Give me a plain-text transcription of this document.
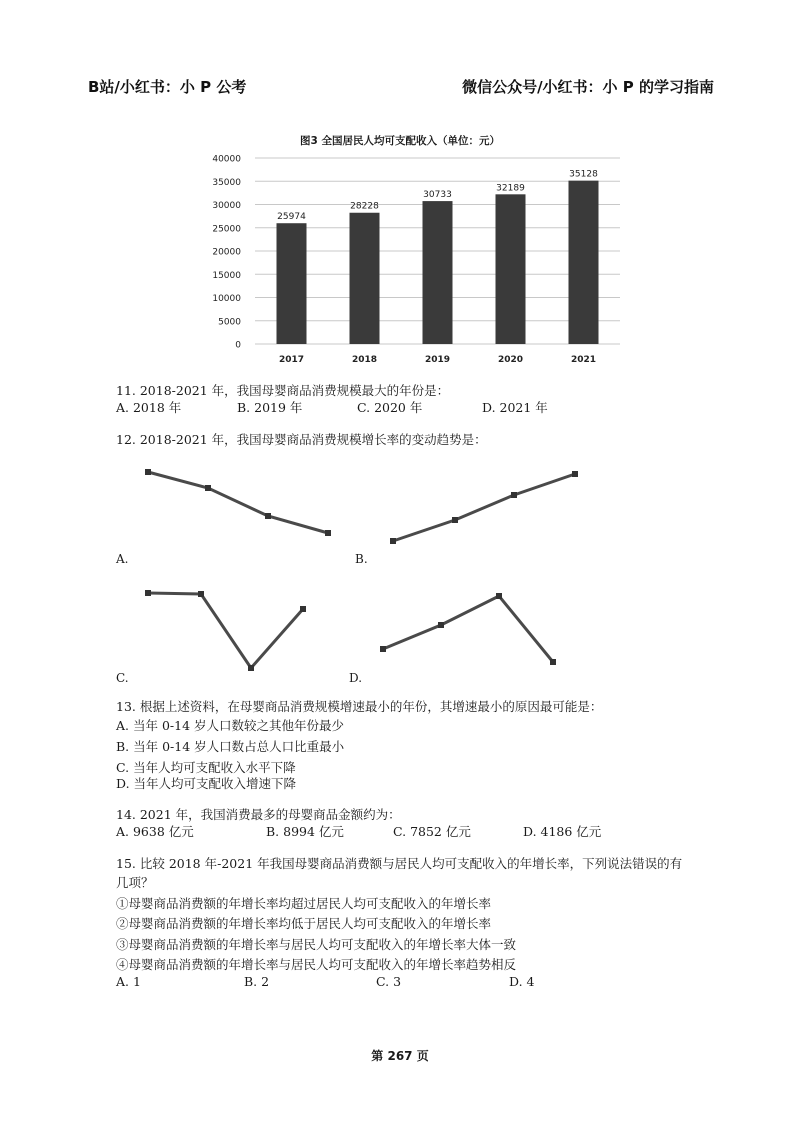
B站/小红书：小 P 公考	微信公众号/小红书：小 P 的学习指南
图3 全国居民人均可支配收入（单位：元）
40000
35000
30000
25000
20000
15000
10000
5000
0
25974
2017
28228
2018
30733
2019
32189
2020
35128
2021
11. 2018-2021 年，我国母婴商品消费规模最大的年份是：
A. 2018 年	B. 2019 年	C. 2020 年	D. 2021 年
12. 2018-2021 年，我国母婴商品消费规模增长率的变动趋势是：
A.	B.
C.	D.
13. 根据上述资料，在母婴商品消费规模增速最小的年份，其增速最小的原因最可能是：
A. 当年 0-14 岁人口数较之其他年份最少
B. 当年 0-14 岁人口数占总人口比重最小
C. 当年人均可支配收入水平下降
D. 当年人均可支配收入增速下降
14. 2021 年，我国消费最多的母婴商品金额约为：
A. 9638 亿元	B. 8994 亿元	C. 7852 亿元	D. 4186 亿元
15. 比较 2018 年-2021 年我国母婴商品消费额与居民人均可支配收入的年增长率，下列说法错误的有
几项？
①母婴商品消费额的年增长率均超过居民人均可支配收入的年增长率
②母婴商品消费额的年增长率均低于居民人均可支配收入的年增长率
③母婴商品消费额的年增长率与居民人均可支配收入的年增长率大体一致
④母婴商品消费额的年增长率与居民人均可支配收入的年增长率趋势相反
A. 1	B. 2	C. 3	D. 4
第 267 页
